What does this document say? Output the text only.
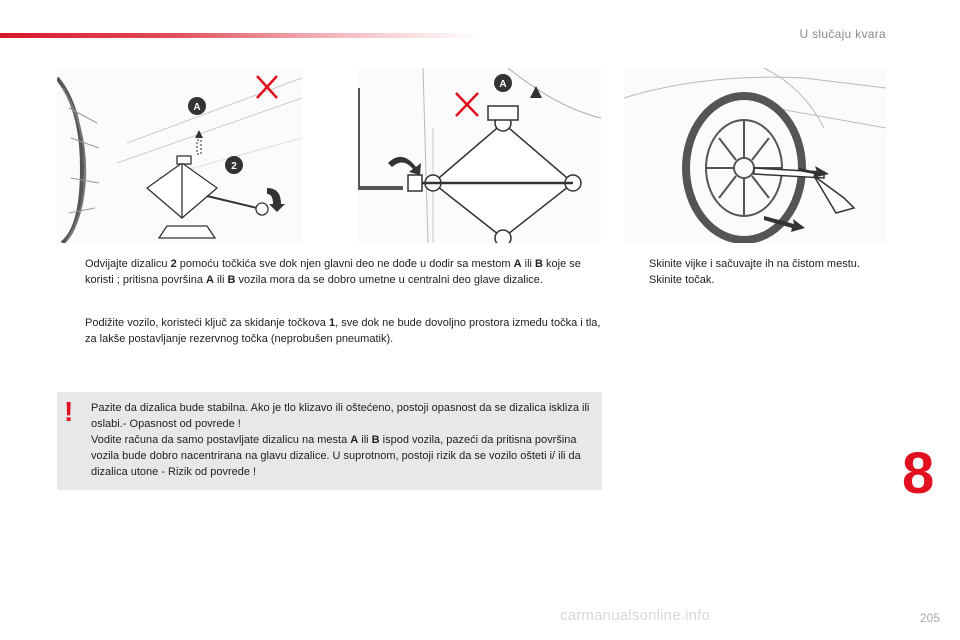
U slučaju kvara
A
2
A
Odvijajte dizalicu 2 pomoću točkića sve dok njen glavni deo ne dođe u dodir sa mestom A ili B koje se koristi ; pritisna površina A ili B vozila mora da se dobro umetne u centralni deo glave dizalice.
Podižite vozilo, koristeći ključ za skidanje točkova 1, sve dok ne bude dovoljno prostora između točka i tla, za lakše postavljanje rezervnog točka (neprobušen pneumatik).
Skinite vijke i sačuvajte ih na čistom mestu.
Skinite točak.
! Pazite da dizalica bude stabilna. Ako je tlo klizavo ili oštećeno, postoji opasnost da se dizalica iskliza ili oslabi.- Opasnost od povrede !
Vodite računa da samo postavljate dizalicu na mesta A ili B ispod vozila, pazeći da pritisna površina vozila bude dobro nacentrirana na glavu dizalice. U suprotnom, postoji rizik da se vozilo ošteti i/ ili da dizalica utone - Rizik od povrede !	8
carmanualsonline.info	205
